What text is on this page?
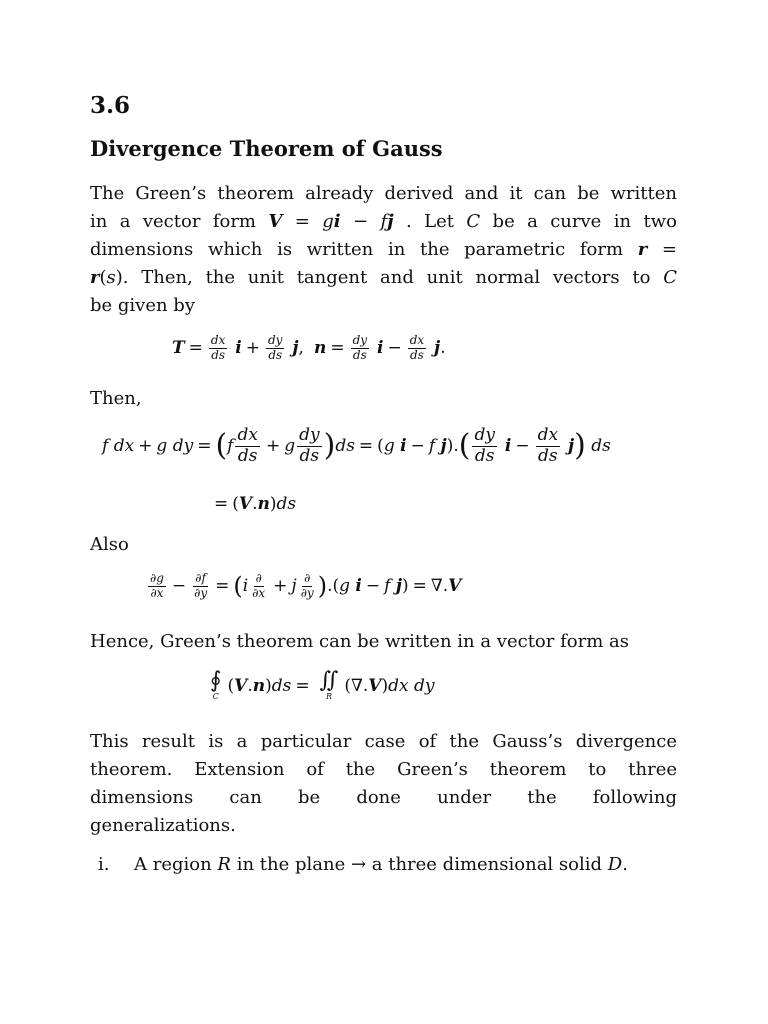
3.6
Divergence Theorem of Gauss
The Green’s theorem already derived and it can be written
in a vector form V = gi − fj . Let C be a curve in two
dimensions which is written in the parametric form r =
r(s). Then, the unit tangent and unit normal vectors to C
be given by
$T = \frac{dx}{ds}$ $i + \frac{dy}{ds}$ j , $n = \frac{dy}{ds}$ $i - \frac{dx}{ds}$ j .
Then,
f dx + g dy = ( f $\frac{dx}{ds} + g \frac{dy}{ds}$ ) ds = ( g
i − f
j ). ( $\frac{dy}{ds}$ $i - \frac{dx}{ds}$ j ) ds
= ( V . n ) ds
Also
$\frac{\partial g}{\partial x} - \frac{\partial f}{\partial y}$ = ( i $\frac{\partial}{\partial x} + j \frac{\partial}{\partial y}$ ) .( g
i − f
j ) = ∇. V
Hence, Green’s theorem can be written in a vector form as
∮
C
( V . n ) ds = ∬
R
(∇. V ) dx dy
This result is a particular case of the Gauss’s divergence
theorem. Extension of the Green’s theorem to three
dimensions can be done under the following
generalizations.
i. A region R in the plane → a three dimensional solid D.
